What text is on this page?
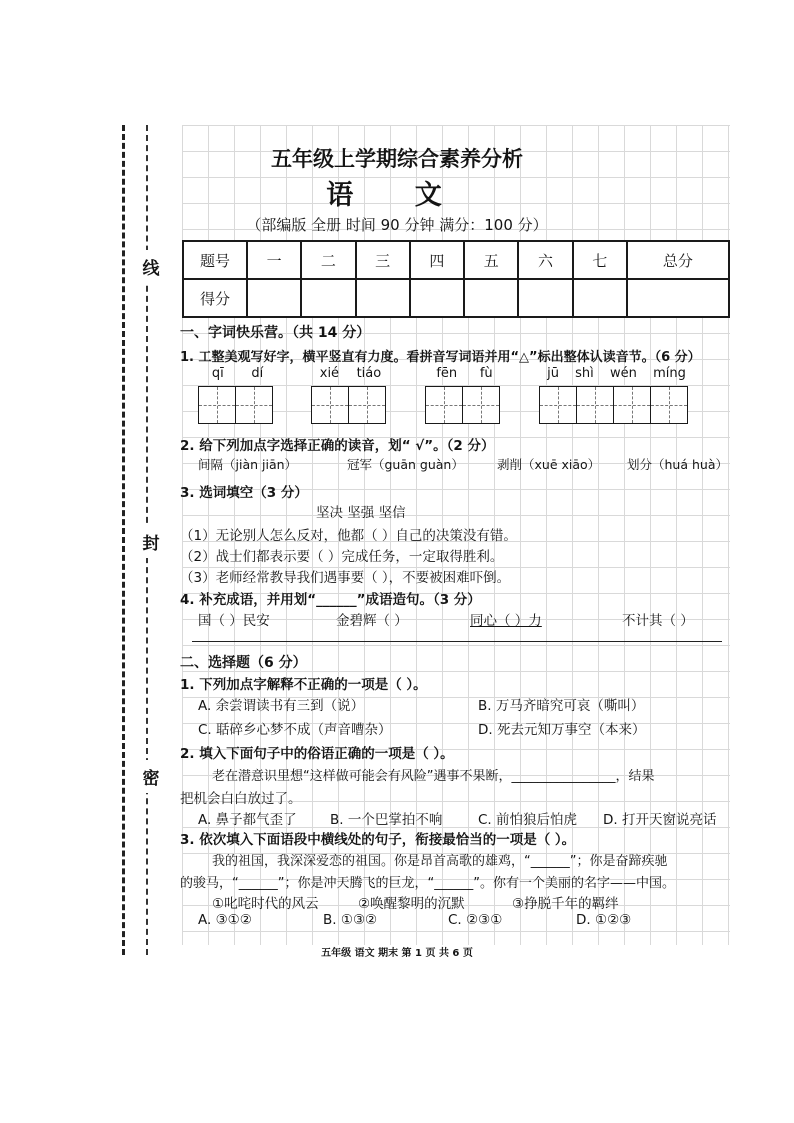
线
封
密
五年级上学期综合素养分析
语 文
（部编版 全册 时间 90 分钟 满分：100 分）
题号	一	二	三	四	五	六	七	总分
得分								
一、字词快乐营。（共 14 分）
1. 工整美观写好字，横平竖直有力度。看拼音写词语并用“△”标出整体认读音节。（6 分）
qī dí	xié tiáo	fēn fù	jū shì wén míng
2. 给下列加点字选择正确的读音，划“ √”。（2 分）
间隔（jiàn jiān）	冠军（guān guàn）	剥削（xuē xiāo） 划分（huá huà）
3. 选词填空（3 分）
坚决 坚强 坚信
（1）无论别人怎么反对，他都（ ）自己的决策没有错。
（2）战士们都表示要（ ）完成任务，一定取得胜利。
（3）老师经常教导我们遇事要（ ），不要被困难吓倒。
4. 补充成语，并用划“______”成语造句。（3 分）
国（ ）民安	金碧辉（ ）	同心（ ）力	不计其（ ）
二、选择题（6 分）
1. 下列加点字解释不正确的一项是（ ）。
A. 余尝谓读书有三到（说）	B. 万马齐暗究可哀（嘶叫）
C. 聒碎乡心梦不成（声音嘈杂）	D. 死去元知万事空（本来）
2. 填入下面句子中的俗语正确的一项是（ ）。
老在潜意识里想“这样做可能会有风险”遇事不果断，________________，结果
把机会白白放过了。
A. 鼻子都气歪了 B. 一个巴掌拍不响	C. 前怕狼后怕虎 D. 打开天窗说亮话
3. 依次填入下面语段中横线处的句子，衔接最恰当的一项是（ ）。
我的祖国，我深深爱恋的祖国。你是昂首高歌的雄鸡，“______”；你是奋蹄疾驰
的骏马，“______”；你是冲天腾飞的巨龙，“______”。你有一个美丽的名字——中国。
①叱咤时代的风云	②唤醒黎明的沉默	③挣脱千年的羁绊
A. ③①②	B. ①③②	C. ②③①	D. ①②③
五年级 语文 期末 第 1 页 共 6 页
